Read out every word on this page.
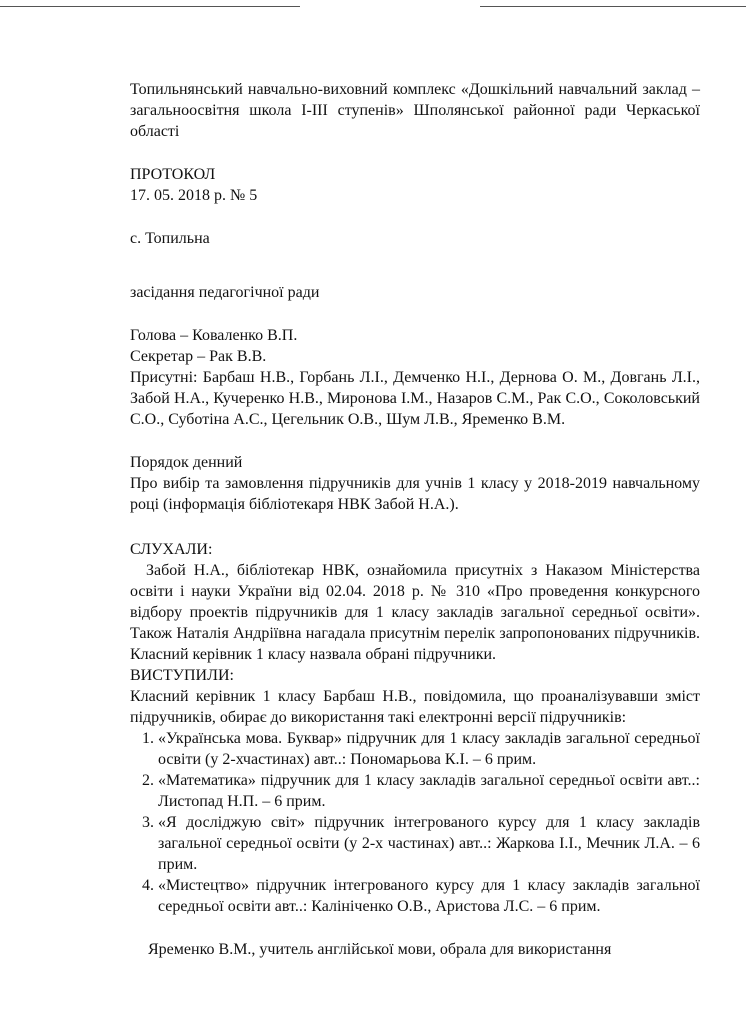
Топильнянський навчально-виховний комплекс «Дошкільний навчальний заклад – загальноосвітня школа І-ІІІ ступенів» Шполянської районної ради Черкаської області

ПРОТОКОЛ

17. 05. 2018 р. № 5

с. Топильна

засідання педагогічної ради

Голова – Коваленко В.П.

Секретар – Рак В.В.

Присутні: Барбаш Н.В., Горбань Л.І., Демченко Н.І., Дернова О. М., Довгань Л.І., Забой Н.А., Кучеренко Н.В., Миронова І.М., Назаров С.М., Рак С.О., Соколовський С.О., Суботіна А.С., Цегельник О.В., Шум Л.В., Яременко В.М.

Порядок денний

Про вибір та замовлення підручників для учнів 1 класу у 2018-2019 навчальному році (інформація бібліотекаря НВК Забой Н.А.).

СЛУХАЛИ:

Забой Н.А., бібліотекар НВК, ознайомила присутніх з Наказом Міністерства освіти і науки України від 02.04. 2018 р. № 310 «Про проведення конкурсного відбору проектів підручників для 1 класу закладів загальної середньої освіти». Також Наталія Андріївна нагадала присутнім перелік запропонованих підручників. Класний керівник 1 класу назвала обрані підручники.

ВИСТУПИЛИ:

Класний керівник 1 класу Барбаш Н.В., повідомила, що проаналізувавши зміст підручників, обирає до використання такі електронні версії підручників:

1. «Українська мова. Буквар» підручник для 1 класу закладів загальної середньої освіти (у 2-хчастинах) авт..: Пономарьова К.І. – 6 прим.
2. «Математика» підручник для 1 класу закладів загальної середньої освіти авт..: Листопад Н.П. – 6 прим.
3. «Я досліджую світ» підручник інтегрованого курсу для 1 класу закладів загальної середньої освіти (у 2-х частинах) авт..: Жаркова І.І., Мечник Л.А. – 6 прим.
4. «Мистецтво» підручник інтегрованого курсу для 1 класу закладів загальної середньої освіти авт..: Калініченко О.В., Аристова Л.С. – 6 прим.

Яременко В.М., учитель англійської мови, обрала для використання
